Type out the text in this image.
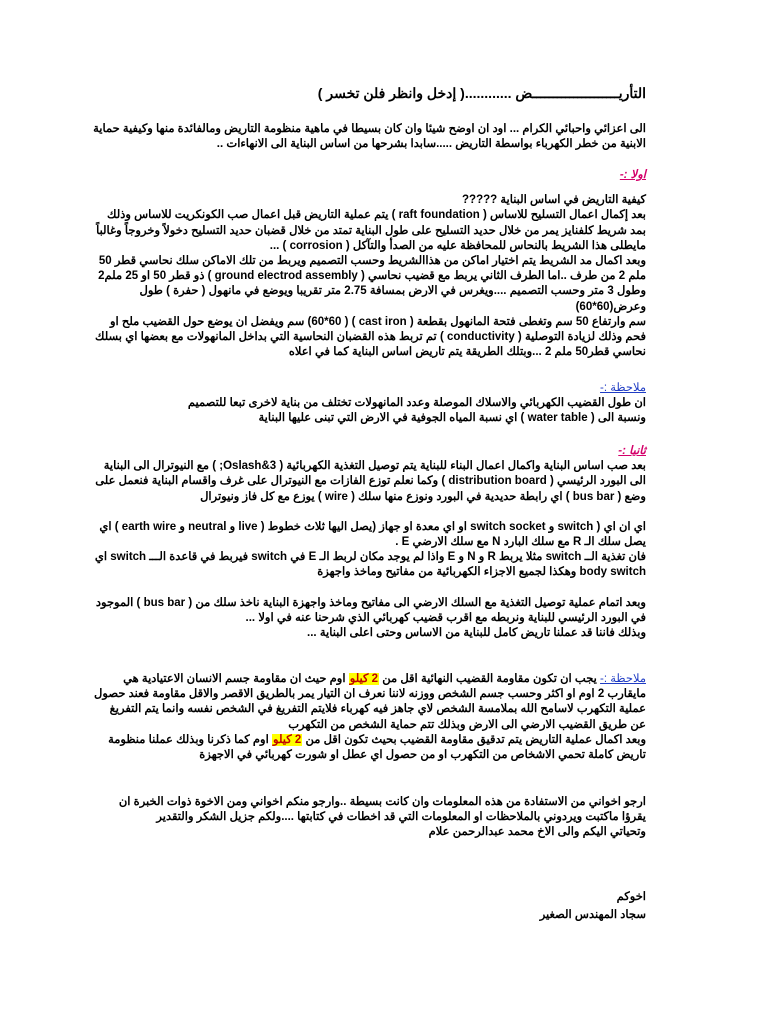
التأريـــــــــــــــــــــض ............( إدخل وانظر فلن تخسر )

الى اعزائي واحبائي الكرام ... اود ان اوضح شيئا وان كان بسيطا في ماهية منظومة التاريض ومالفائدة منها وكيفية حماية الابنية من خطر الكهرباء بواسطة التاريض .....سابدا بشرحها من اساس البناية الى الانهاءات ..

اولا :-

كيفية التاريض في اساس البناية ?????

بعد إكمال اعمال التسليح للاساس ( raft foundation ) يتم عملية التاريض قبل اعمال صب الكونكريت للاساس وذلك بمد شريط كلفنايز يمر من خلال حديد التسليح على طول البناية تمتد من خلال قضبان حديد التسليح دخولاً وخروجاً وغالباً مايطلى هذا الشريط بالنحاس للمحافظة عليه من الصدأ والتآكل ( corrosion ) ...

وبعد اكمال مد الشريط يتم اختيار اماكن من هذاالشريط وحسب التصميم ويربط من تلك الاماكن سلك نحاسي قطر 50 ملم 2 من طرف ..اما الطرف الثاني يربط مع قضيب نحاسي ( ground electrod assembly ) ذو قطر 50 او 25 ملم2 وطول 3 متر وحسب التصميم ....ويغرس في الارض بمسافة 2.75 متر تقريبا ويوضع في مانهول ( حفرة ) طول وعرض(60*60)

سم وارتفاع 50 سم وتغطى فتحة المانهول بقطعة ( cast iron ) ( 60*60) سم ويفضل ان يوضع حول القضيب ملح او فحم وذلك لزيادة التوصلية ( conductivity ) تم تربط هذه القضبان النحاسية التي بداخل المانهولات مع بعضها اي بسلك نحاسي قطر50 ملم 2 ...وبتلك الطريقة يتم تاريض اساس البناية كما في اعلاه

ملاحظة :-

ان طول القضيب الكهربائي والاسلاك الموصلة وعدد المانهولات تختلف من بناية لاخرى تبعا للتصميم

ونسبة الى ( water table ) اي نسبة المياه الجوفية في الارض التي تبنى عليها البناية

ثانيا :-

بعد صب اساس البناية واكمال اعمال البناء للبناية يتم توصيل التغذية الكهربائية ( Oslash&3; ) مع النيوترال الى البناية

الى البورد الرئيسي ( distribution board ) وكما نعلم توزع الفازات مع النيوترال على غرف واقسام البناية فنعمل على وضع ( bus bar ) اي رابطة حديدية في البورد ونوزع منها سلك ( wire ) يوزع مع كل فاز ونيوترال

اي ان اي ( switch و switch socket او اي معدة او جهاز (يصل اليها ثلاث خطوط ( live و neutral و earth wire ) اي يصل سلك الـ R مع سلك البارد N مع سلك الارضي E .

فان تغذية الــ switch مثلا يربط R و N و E واذا لم يوجد مكان لربط الـ E في switch فيربط في قاعدة الـــ switch اي body switch وهكذا لجميع الاجزاء الكهربائية من مفاتيح وماخذ واجهزة

وبعد اتمام عملية توصيل التغذية مع السلك الارضي الى مفاتيح وماخذ واجهزة البناية ناخذ سلك من ( bus bar ) الموجود في البورد الرئيسي للبناية ونربطه مع اقرب قضيب كهربائي الذي شرحنا عنه في اولا ...

وبذلك فاننا قد عملنا تاريض كامل للبناية من الاساس وحتى اعلى البناية ...

ملاحظة :- يجب ان تكون مقاومة القضيب النهائية اقل من 2 كيلو اوم حيث ان مقاومة جسم الانسان الاعتيادية هي مايقارب 2 اوم او اكثر وحسب جسم الشخص ووزنه لاننا نعرف ان التيار يمر بالطريق الاقصر والاقل مقاومة فعند حصول عملية التكهرب لاسامح الله بملامسة الشخص لاي جاهز فيه كهرباء فلايتم التفريغ في الشخص نفسه وانما يتم التفريغ عن طريق القضيب الارضي الى الارض وبذلك تتم حماية الشخص من التكهرب

وبعد اكمال عملية التاريض يتم تدقيق مقاومة القضيب بحيث تكون اقل من 2 كيلو اوم كما ذكرنا وبذلك عملنا منظومة تاريض كاملة تحمي الاشخاص من التكهرب او من حصول اي عطل او شورت كهربائي في الاجهزة

ارجو اخواني من الاستفادة من هذه المعلومات وان كانت بسيطة ..وارجو منكم اخواني ومن الاخوة ذوات الخبرة ان يقرؤا ماكتبت ويردوني بالملاحظات او المعلومات التي قد اخطات في كتابتها ....ولكم جزيل الشكر والتقدير

وتحياتي اليكم والى الاخ محمد عبدالرحمن علام

اخوكم

سجاد المهندس الصغير
